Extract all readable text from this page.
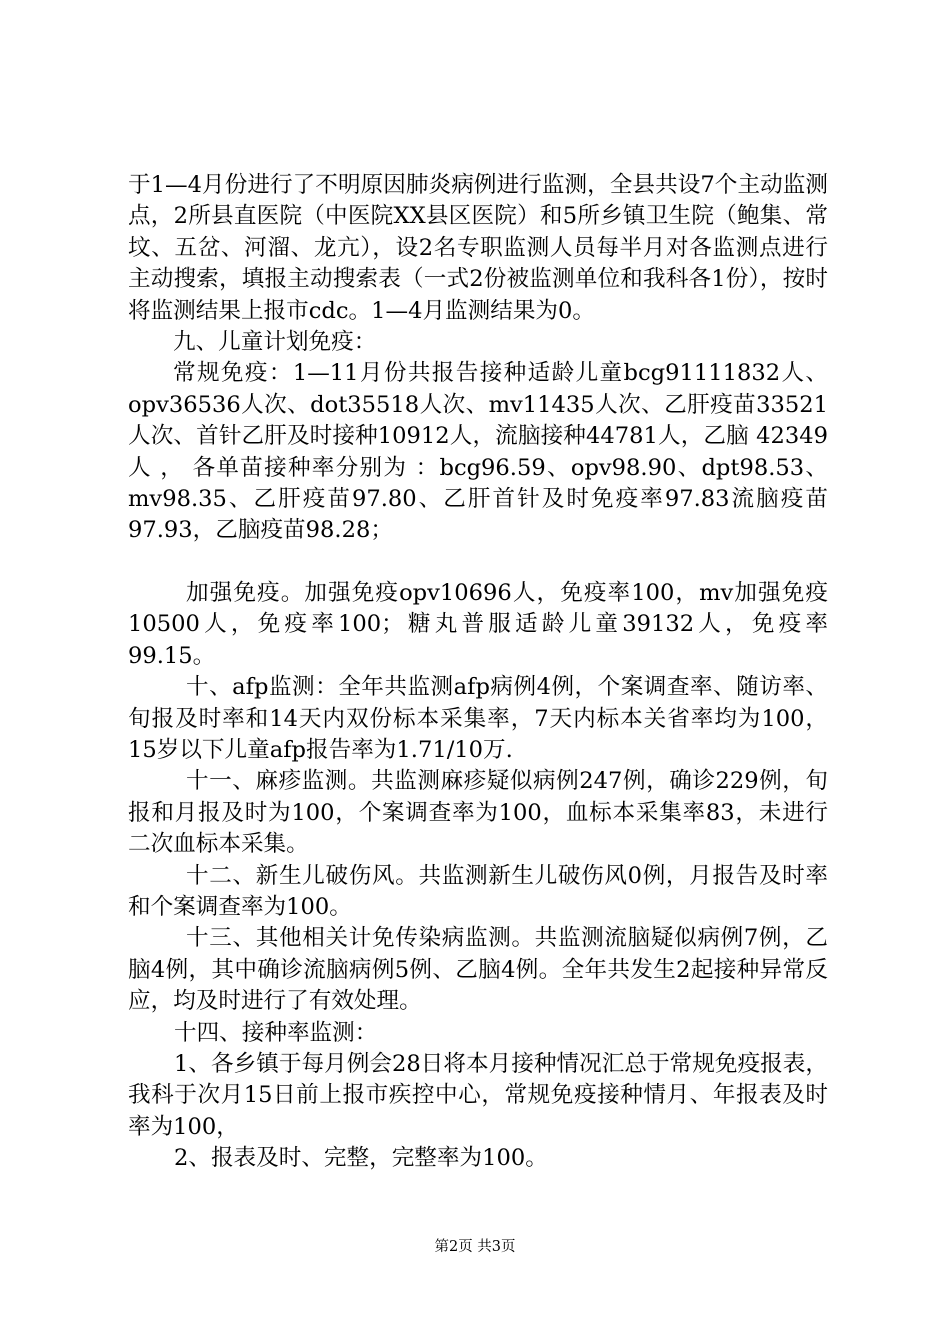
于1—4月份进行了不明原因肺炎病例进行监测，全县共设7个主动监测点，2所县直医院（中医院XX县区医院）和5所乡镇卫生院（鲍集、常坟、五岔、河溜、龙亢），设2名专职监测人员每半月对各监测点进行主动搜索，填报主动搜索表（一式2份被监测单位和我科各1份），按时将监测结果上报市cdc。1—4月监测结果为0。

九、儿童计划免疫：

常规免疫：1—11月份共报告接种适龄儿童bcg91111832人、opv36536人次、dot35518人次、mv11435人次、乙肝疫苗33521人次、首针乙肝及时接种10912人，流脑接种44781人，乙脑 42349 人 ， 各单苗接种率分别为 ：bcg96.59、opv98.90、dpt98.53、mv98.35、乙肝疫苗97.80、乙肝首针及时免疫率97.83流脑疫苗97.93，乙脑疫苗98.28；

加强免疫。加强免疫opv10696人，免疫率100，mv加强免疫10500人，免疫率100；糖丸普服适龄儿童39132人，免疫率99.15。

十、afp监测：全年共监测afp病例4例，个案调查率、随访率、旬报及时率和14天内双份标本采集率，7天内标本关省率均为100，15岁以下儿童afp报告率为1.71/10万.

十一、麻疹监测。共监测麻疹疑似病例247例，确诊229例，旬报和月报及时为100，个案调查率为100，血标本采集率83，未进行二次血标本采集。

十二、新生儿破伤风。共监测新生儿破伤风0例，月报告及时率和个案调查率为100。

十三、其他相关计免传染病监测。共监测流脑疑似病例7例，乙脑4例，其中确诊流脑病例5例、乙脑4例。全年共发生2起接种异常反应，均及时进行了有效处理。

十四、接种率监测：

1、各乡镇于每月例会28日将本月接种情况汇总于常规免疫报表，我科于次月15日前上报市疾控中心，常规免疫接种情月、年报表及时率为100，

2、报表及时、完整，完整率为100。

第2页 共3页
